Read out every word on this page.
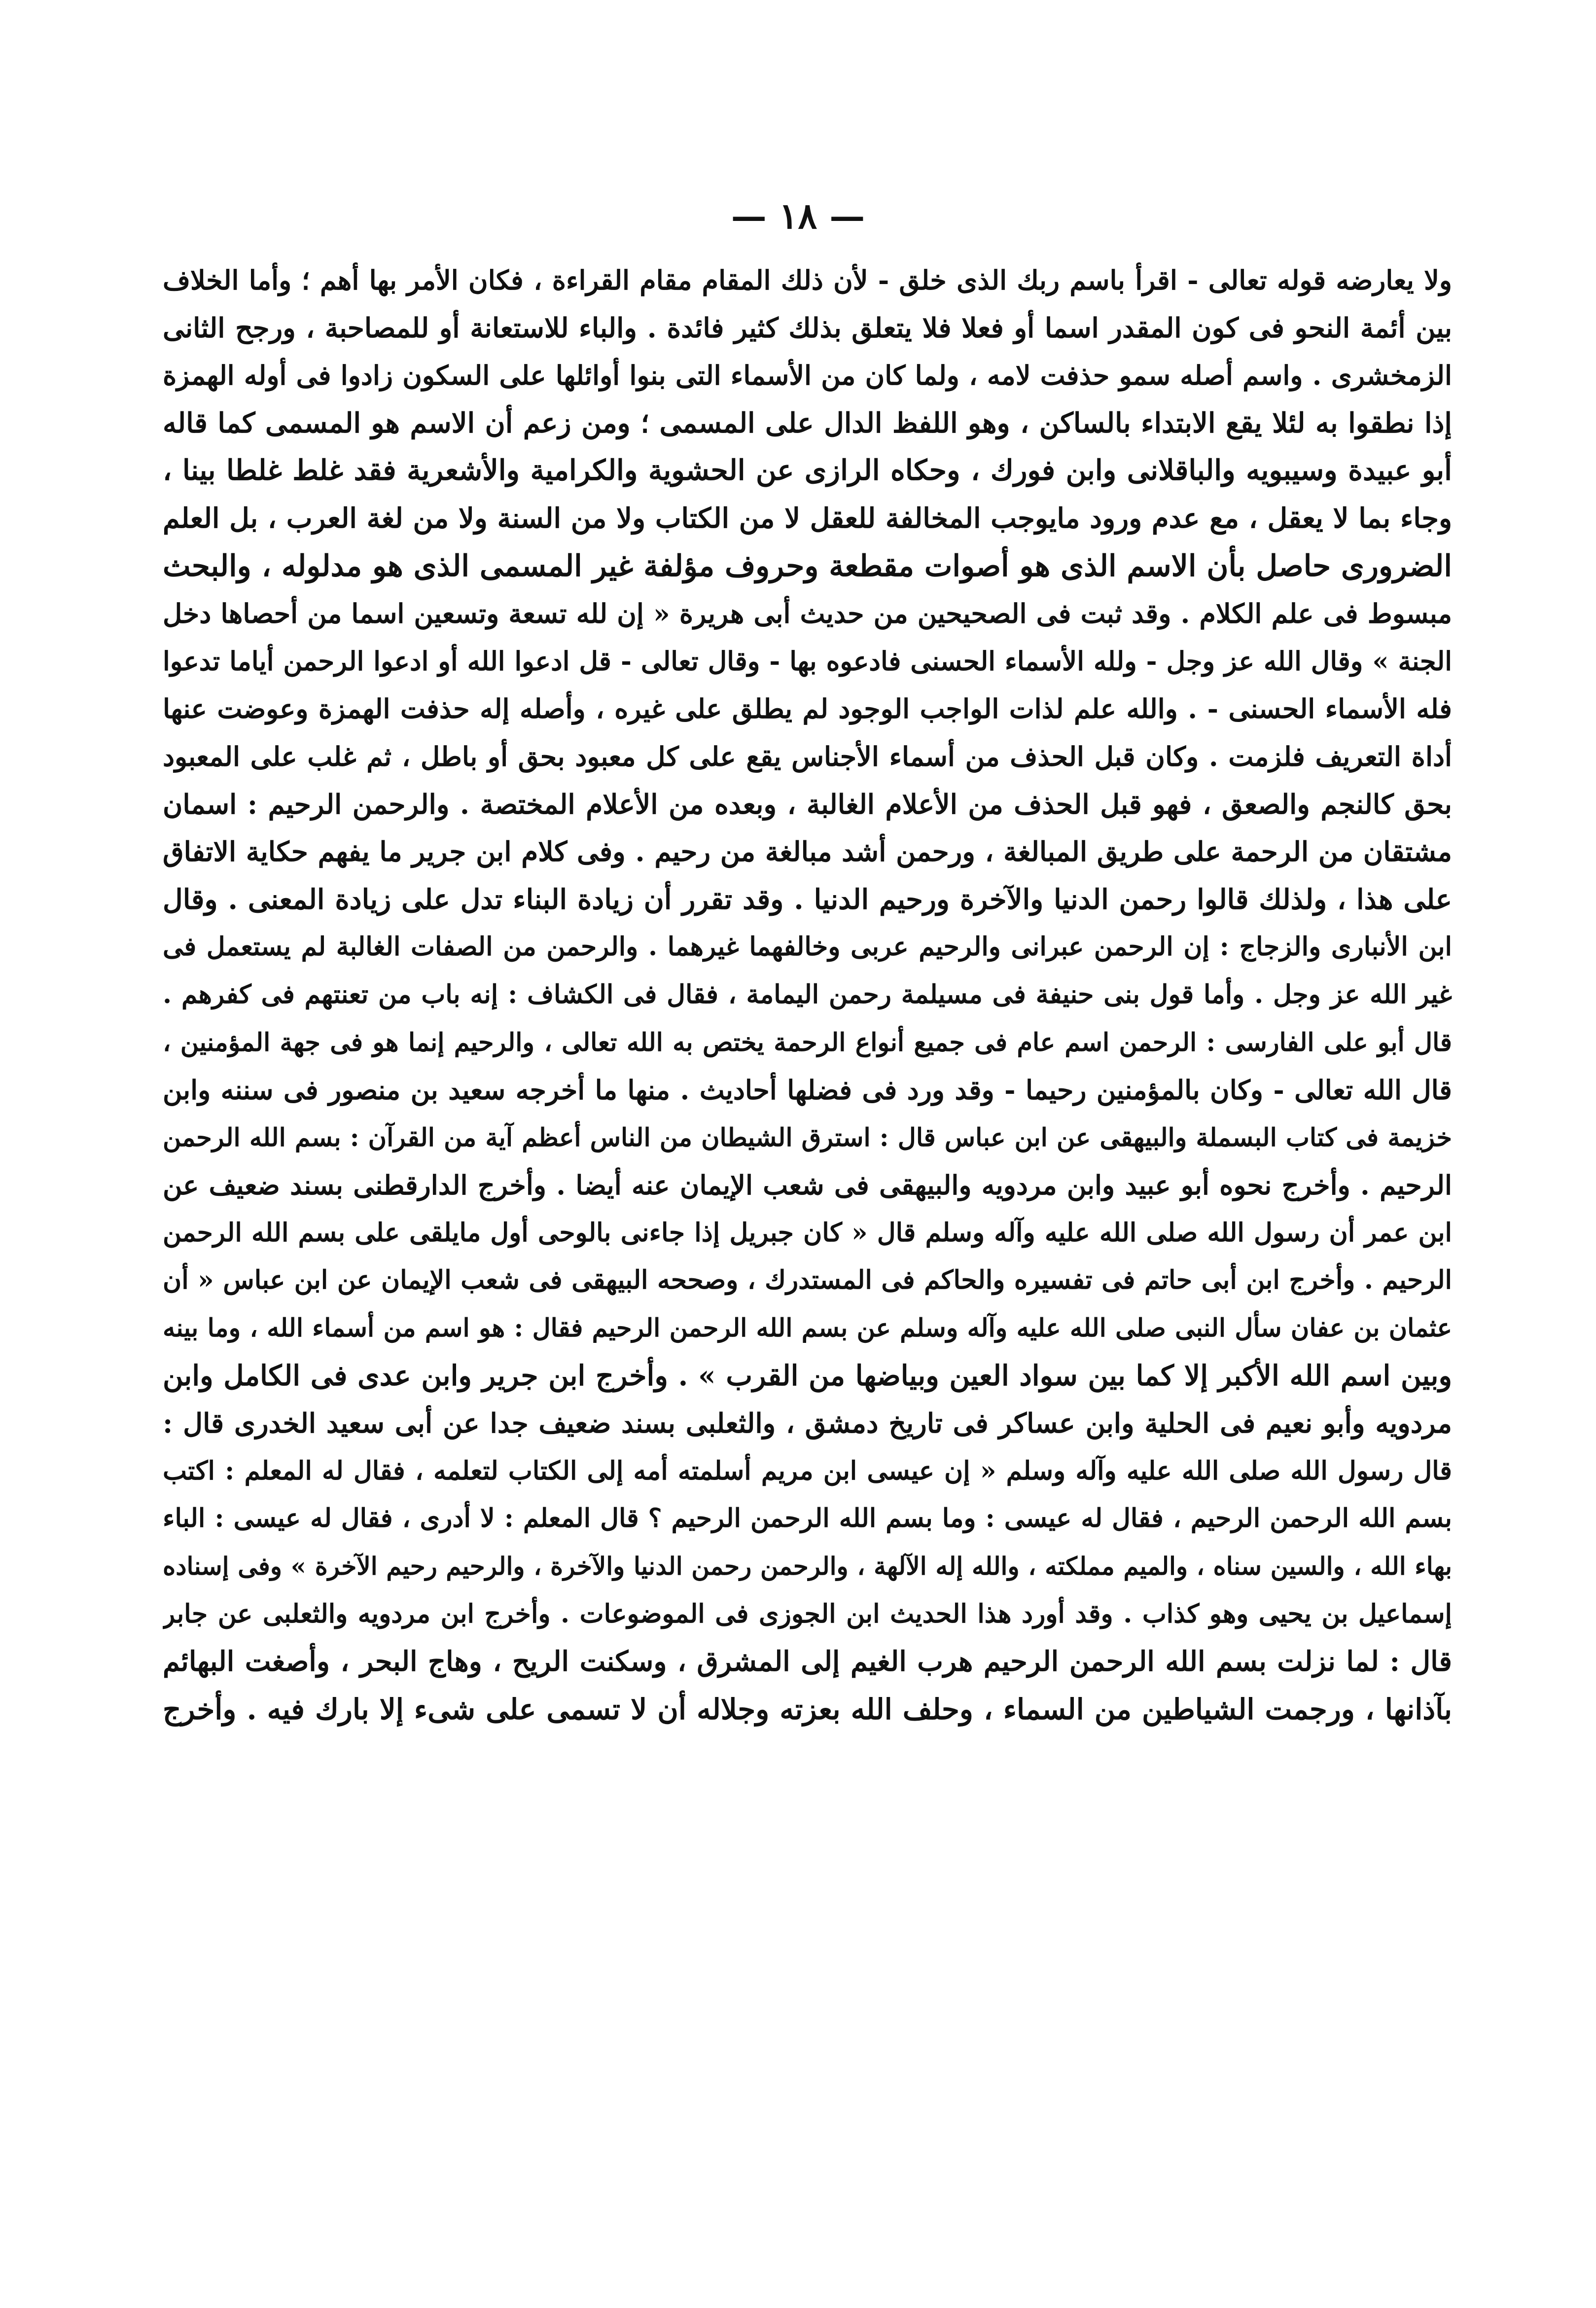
— ١٨ —
ولا يعارضه قوله تعالى - اقرأ باسم ربك الذى خلق - لأن ذلك المقام مقام القراءة ، فكان الأمر بها أهم ؛ وأما الخلاف
بين أئمة النحو فى كون المقدر اسما أو فعلا فلا يتعلق بذلك كثير فائدة . والباء للاستعانة أو للمصاحبة ، ورجح الثانى
الزمخشرى . واسم أصله سمو حذفت لامه ، ولما كان من الأسماء التى بنوا أوائلها على السكون زادوا فى أوله الهمزة
إذا نطقوا به لئلا يقع الابتداء بالساكن ، وهو اللفظ الدال على المسمى ؛ ومن زعم أن الاسم هو المسمى كما قاله
أبو عبيدة وسيبويه والباقلانى وابن فورك ، وحكاه الرازى عن الحشوية والكرامية والأشعرية فقد غلط غلطا بينا ،
وجاء بما لا يعقل ، مع عدم ورود مايوجب المخالفة للعقل لا من الكتاب ولا من السنة ولا من لغة العرب ، بل العلم
الضرورى حاصل بأن الاسم الذى هو أصوات مقطعة وحروف مؤلفة غير المسمى الذى هو مدلوله ، والبحث
مبسوط فى علم الكلام . وقد ثبت فى الصحيحين من حديث أبى هريرة « إن لله تسعة وتسعين اسما من أحصاها دخل
الجنة » وقال الله عز وجل - ولله الأسماء الحسنى فادعوه بها - وقال تعالى - قل ادعوا الله أو ادعوا الرحمن أياما تدعوا
فله الأسماء الحسنى - . والله علم لذات الواجب الوجود لم يطلق على غيره ، وأصله إله حذفت الهمزة وعوضت عنها
أداة التعريف فلزمت . وكان قبل الحذف من أسماء الأجناس يقع على كل معبود بحق أو باطل ، ثم غلب على المعبود
بحق كالنجم والصعق ، فهو قبل الحذف من الأعلام الغالبة ، وبعده من الأعلام المختصة . والرحمن الرحيم : اسمان
مشتقان من الرحمة على طريق المبالغة ، ورحمن أشد مبالغة من رحيم . وفى كلام ابن جرير ما يفهم حكاية الاتفاق
على هذا ، ولذلك قالوا رحمن الدنيا والآخرة ورحيم الدنيا . وقد تقرر أن زيادة البناء تدل على زيادة المعنى . وقال
ابن الأنبارى والزجاج : إن الرحمن عبرانى والرحيم عربى وخالفهما غيرهما . والرحمن من الصفات الغالبة لم يستعمل فى
غير الله عز وجل . وأما قول بنى حنيفة فى مسيلمة رحمن اليمامة ، فقال فى الكشاف : إنه باب من تعنتهم فى كفرهم .
قال أبو على الفارسى : الرحمن اسم عام فى جميع أنواع الرحمة يختص به الله تعالى ، والرحيم إنما هو فى جهة المؤمنين ،
قال الله تعالى - وكان بالمؤمنين رحيما - وقد ورد فى فضلها أحاديث . منها ما أخرجه سعيد بن منصور فى سننه وابن
خزيمة فى كتاب البسملة والبيهقى عن ابن عباس قال : استرق الشيطان من الناس أعظم آية من القرآن : بسم الله الرحمن
الرحيم . وأخرج نحوه أبو عبيد وابن مردويه والبيهقى فى شعب الإيمان عنه أيضا . وأخرج الدارقطنى بسند ضعيف عن
ابن عمر أن رسول الله صلى الله عليه وآله وسلم قال « كان جبريل إذا جاءنى بالوحى أول مايلقى على بسم الله الرحمن
الرحيم . وأخرج ابن أبى حاتم فى تفسيره والحاكم فى المستدرك ، وصححه البيهقى فى شعب الإيمان عن ابن عباس « أن
عثمان بن عفان سأل النبى صلى الله عليه وآله وسلم عن بسم الله الرحمن الرحيم فقال : هو اسم من أسماء الله ، وما بينه
وبين اسم الله الأكبر إلا كما بين سواد العين وبياضها من القرب » . وأخرج ابن جرير وابن عدى فى الكامل وابن
مردويه وأبو نعيم فى الحلية وابن عساكر فى تاريخ دمشق ، والثعلبى بسند ضعيف جدا عن أبى سعيد الخدرى قال :
قال رسول الله صلى الله عليه وآله وسلم « إن عيسى ابن مريم أسلمته أمه إلى الكتاب لتعلمه ، فقال له المعلم : اكتب
بسم الله الرحمن الرحيم ، فقال له عيسى : وما بسم الله الرحمن الرحيم ؟ قال المعلم : لا أدرى ، فقال له عيسى : الباء
بهاء الله ، والسين سناه ، والميم مملكته ، والله إله الآلهة ، والرحمن رحمن الدنيا والآخرة ، والرحيم رحيم الآخرة » وفى إسناده
إسماعيل بن يحيى وهو كذاب . وقد أورد هذا الحديث ابن الجوزى فى الموضوعات . وأخرج ابن مردويه والثعلبى عن جابر
قال : لما نزلت بسم الله الرحمن الرحيم هرب الغيم إلى المشرق ، وسكنت الريح ، وهاج البحر ، وأصغت البهائم
بآذانها ، ورجمت الشياطين من السماء ، وحلف الله بعزته وجلاله أن لا تسمى على شىء إلا بارك فيه . وأخرج
